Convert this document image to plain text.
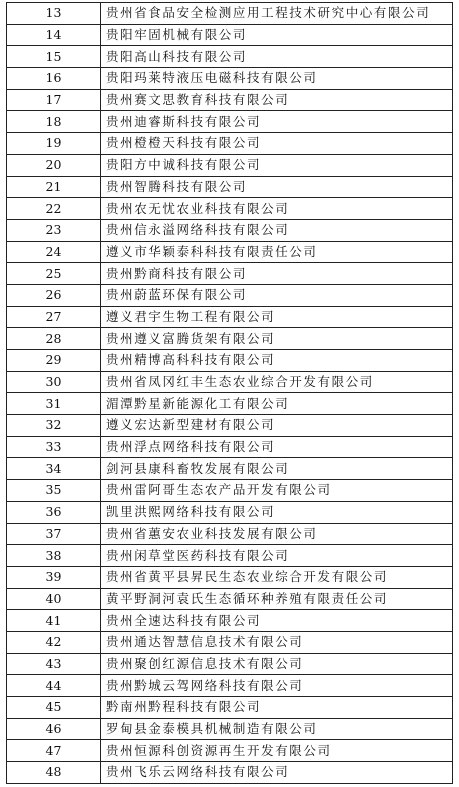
13	贵州省食品安全检测应用工程技术研究中心有限公司
14	贵阳牢固机械有限公司
15	贵阳高山科技有限公司
16	贵阳玛莱特液压电磁科技有限公司
17	贵州赛文思教育科技有限公司
18	贵州迪睿斯科技有限公司
19	贵州橙橙天科技有限公司
20	贵阳方中诚科技有限公司
21	贵州智腾科技有限公司
22	贵州农无忧农业科技有限公司
23	贵州信永溢网络科技有限公司
24	遵义市华颖泰科科技有限责任公司
25	贵州黔商科技有限公司
26	贵州蔚蓝环保有限公司
27	遵义君宇生物工程有限公司
28	贵州遵义富腾货架有限公司
29	贵州精博高科科技有限公司
30	贵州省凤冈红丰生态农业综合开发有限公司
31	湄潭黔星新能源化工有限公司
32	遵义宏达新型建材有限公司
33	贵州浮点网络科技有限公司
34	剑河县康科畜牧发展有限公司
35	贵州雷阿哥生态农产品开发有限公司
36	凯里洪熙网络科技有限公司
37	贵州省蕙安农业科技发展有限公司
38	贵州闲草堂医药科技有限公司
39	贵州省黄平县昇民生态农业综合开发有限公司
40	黄平野洞河袁氏生态循环种养殖有限责任公司
41	贵州全速达科技有限公司
42	贵州通达智慧信息技术有限公司
43	贵州聚创红源信息技术有限公司
44	贵州黔城云驾网络科技有限公司
45	黔南州黔程科技有限公司
46	罗甸县金泰模具机械制造有限公司
47	贵州恒源科创资源再生开发有限公司
48	贵州飞乐云网络科技有限公司
